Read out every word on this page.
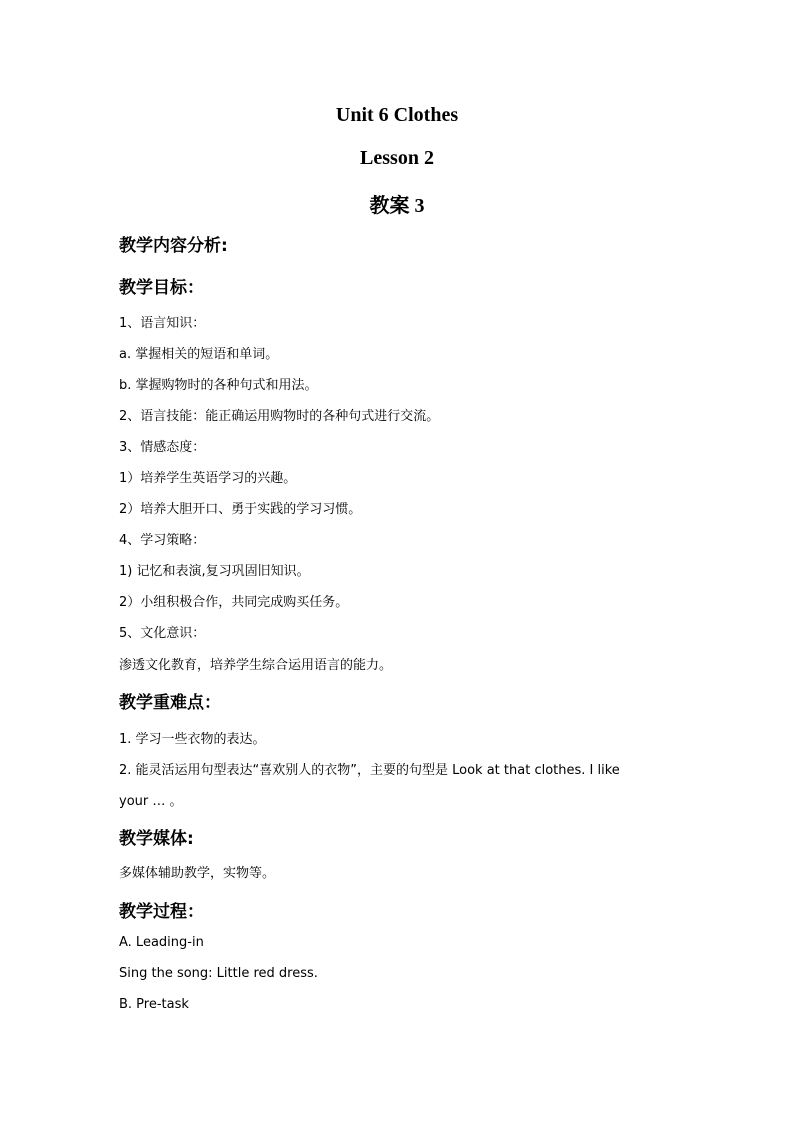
Unit 6 Clothes
Lesson 2
教案 3
教学内容分析:
教学目标：
1、语言知识：
a. 掌握相关的短语和单词。
b. 掌握购物时的各种句式和用法。
2、语言技能：能正确运用购物时的各种句式进行交流。
3、情感态度：
1）培养学生英语学习的兴趣。
2）培养大胆开口、勇于实践的学习习惯。
4、学习策略：
1) 记忆和表演,复习巩固旧知识。
2）小组积极合作，共同完成购买任务。
5、文化意识：
渗透文化教育，培养学生综合运用语言的能力。
教学重难点：
1. 学习一些衣物的表达。
2. 能灵活运用句型表达“喜欢别人的衣物”，主要的句型是 Look at that clothes. I like
your … 。
教学媒体:
多媒体辅助教学，实物等。
教学过程：
A. Leading-in
Sing the song: Little red dress.
B. Pre-task
